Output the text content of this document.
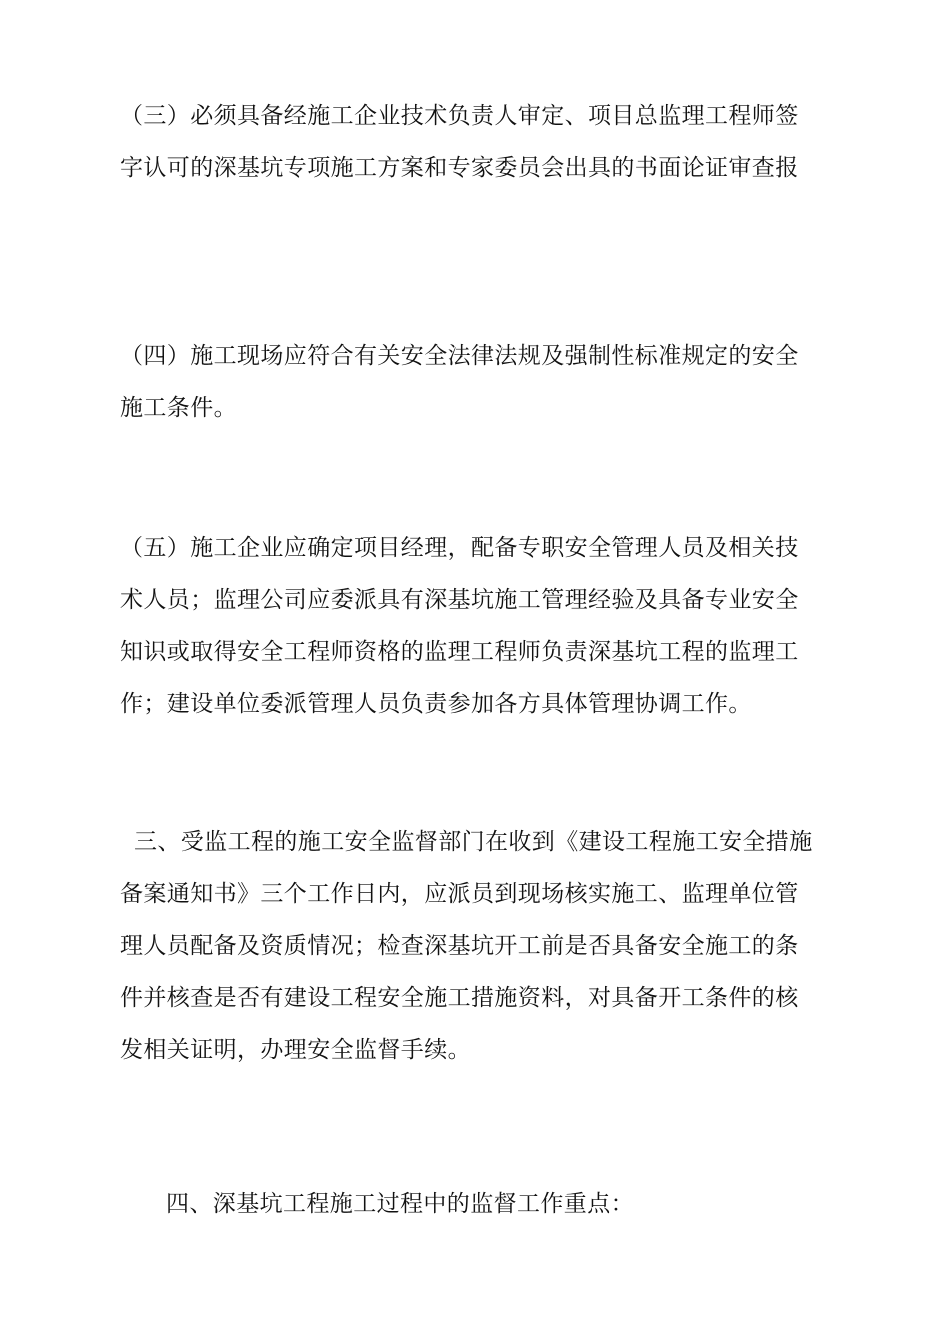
（三）必须具备经施工企业技术负责人审定、项目总监理工程师签
字认可的深基坑专项施工方案和专家委员会出具的书面论证审查报
（四）施工现场应符合有关安全法律法规及强制性标准规定的安全
施工条件。
（五）施工企业应确定项目经理，配备专职安全管理人员及相关技
术人员；监理公司应委派具有深基坑施工管理经验及具备专业安全
知识或取得安全工程师资格的监理工程师负责深基坑工程的监理工
作；建设单位委派管理人员负责参加各方具体管理协调工作。
三、受监工程的施工安全监督部门在收到《建设工程施工安全措施
备案通知书》三个工作日内，应派员到现场核实施工、监理单位管
理人员配备及资质情况；检查深基坑开工前是否具备安全施工的条
件并核查是否有建设工程安全施工措施资料，对具备开工条件的核
发相关证明，办理安全监督手续。
四、深基坑工程施工过程中的监督工作重点：
